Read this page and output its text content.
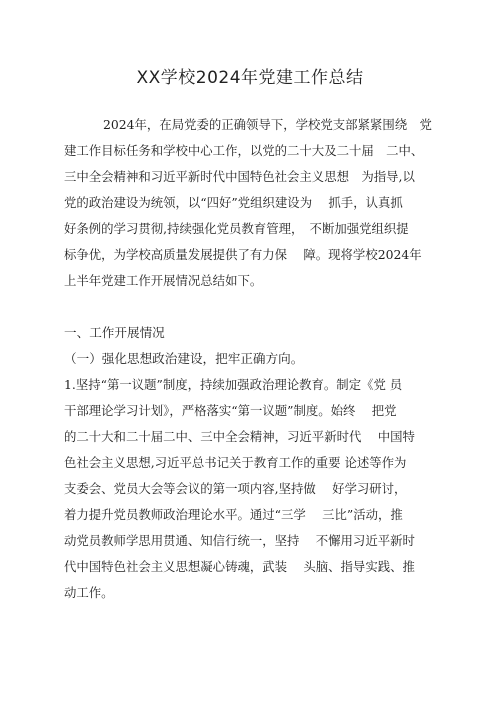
XX学校2024年党建工作总结
2024年，在局党委的正确领导下，学校党支部紧紧围绕　党
建工作目标任务和学校中心工作，以党的二十大及二十届　二中、
三中全会精神和习近平新时代中国特色社会主义思想　为指导,以
党的政治建设为统领，以“四好”党组织建设为　 抓手，认真抓
好条例的学习贯彻,持续强化党员教育管理，　不断加强党组织提
标争优，为学校高质量发展提供了有力保　 障。现将学校2024年
上半年党建工作开展情况总结如下。
一、工作开展情况
（一）强化思想政治建设，把牢正确方向。
1.坚持“第一议题”制度，持续加强政治理论教育。制定《党 员
干部理论学习计划》，严格落实“第一议题”制度。始终　 把党
的二十大和二十届二中、三中全会精神，习近平新时代　 中国特
色社会主义思想,习近平总书记关于教育工作的重要 论述等作为
支委会、党员大会等会议的第一项内容,坚持做　 好学习研讨，
着力提升党员教师政治理论水平。通过“三学　 三比”活动，推
动党员教师学思用贯通、知信行统一，坚持　 不懈用习近平新时
代中国特色社会主义思想凝心铸魂，武装　 头脑、指导实践、推
动工作。
